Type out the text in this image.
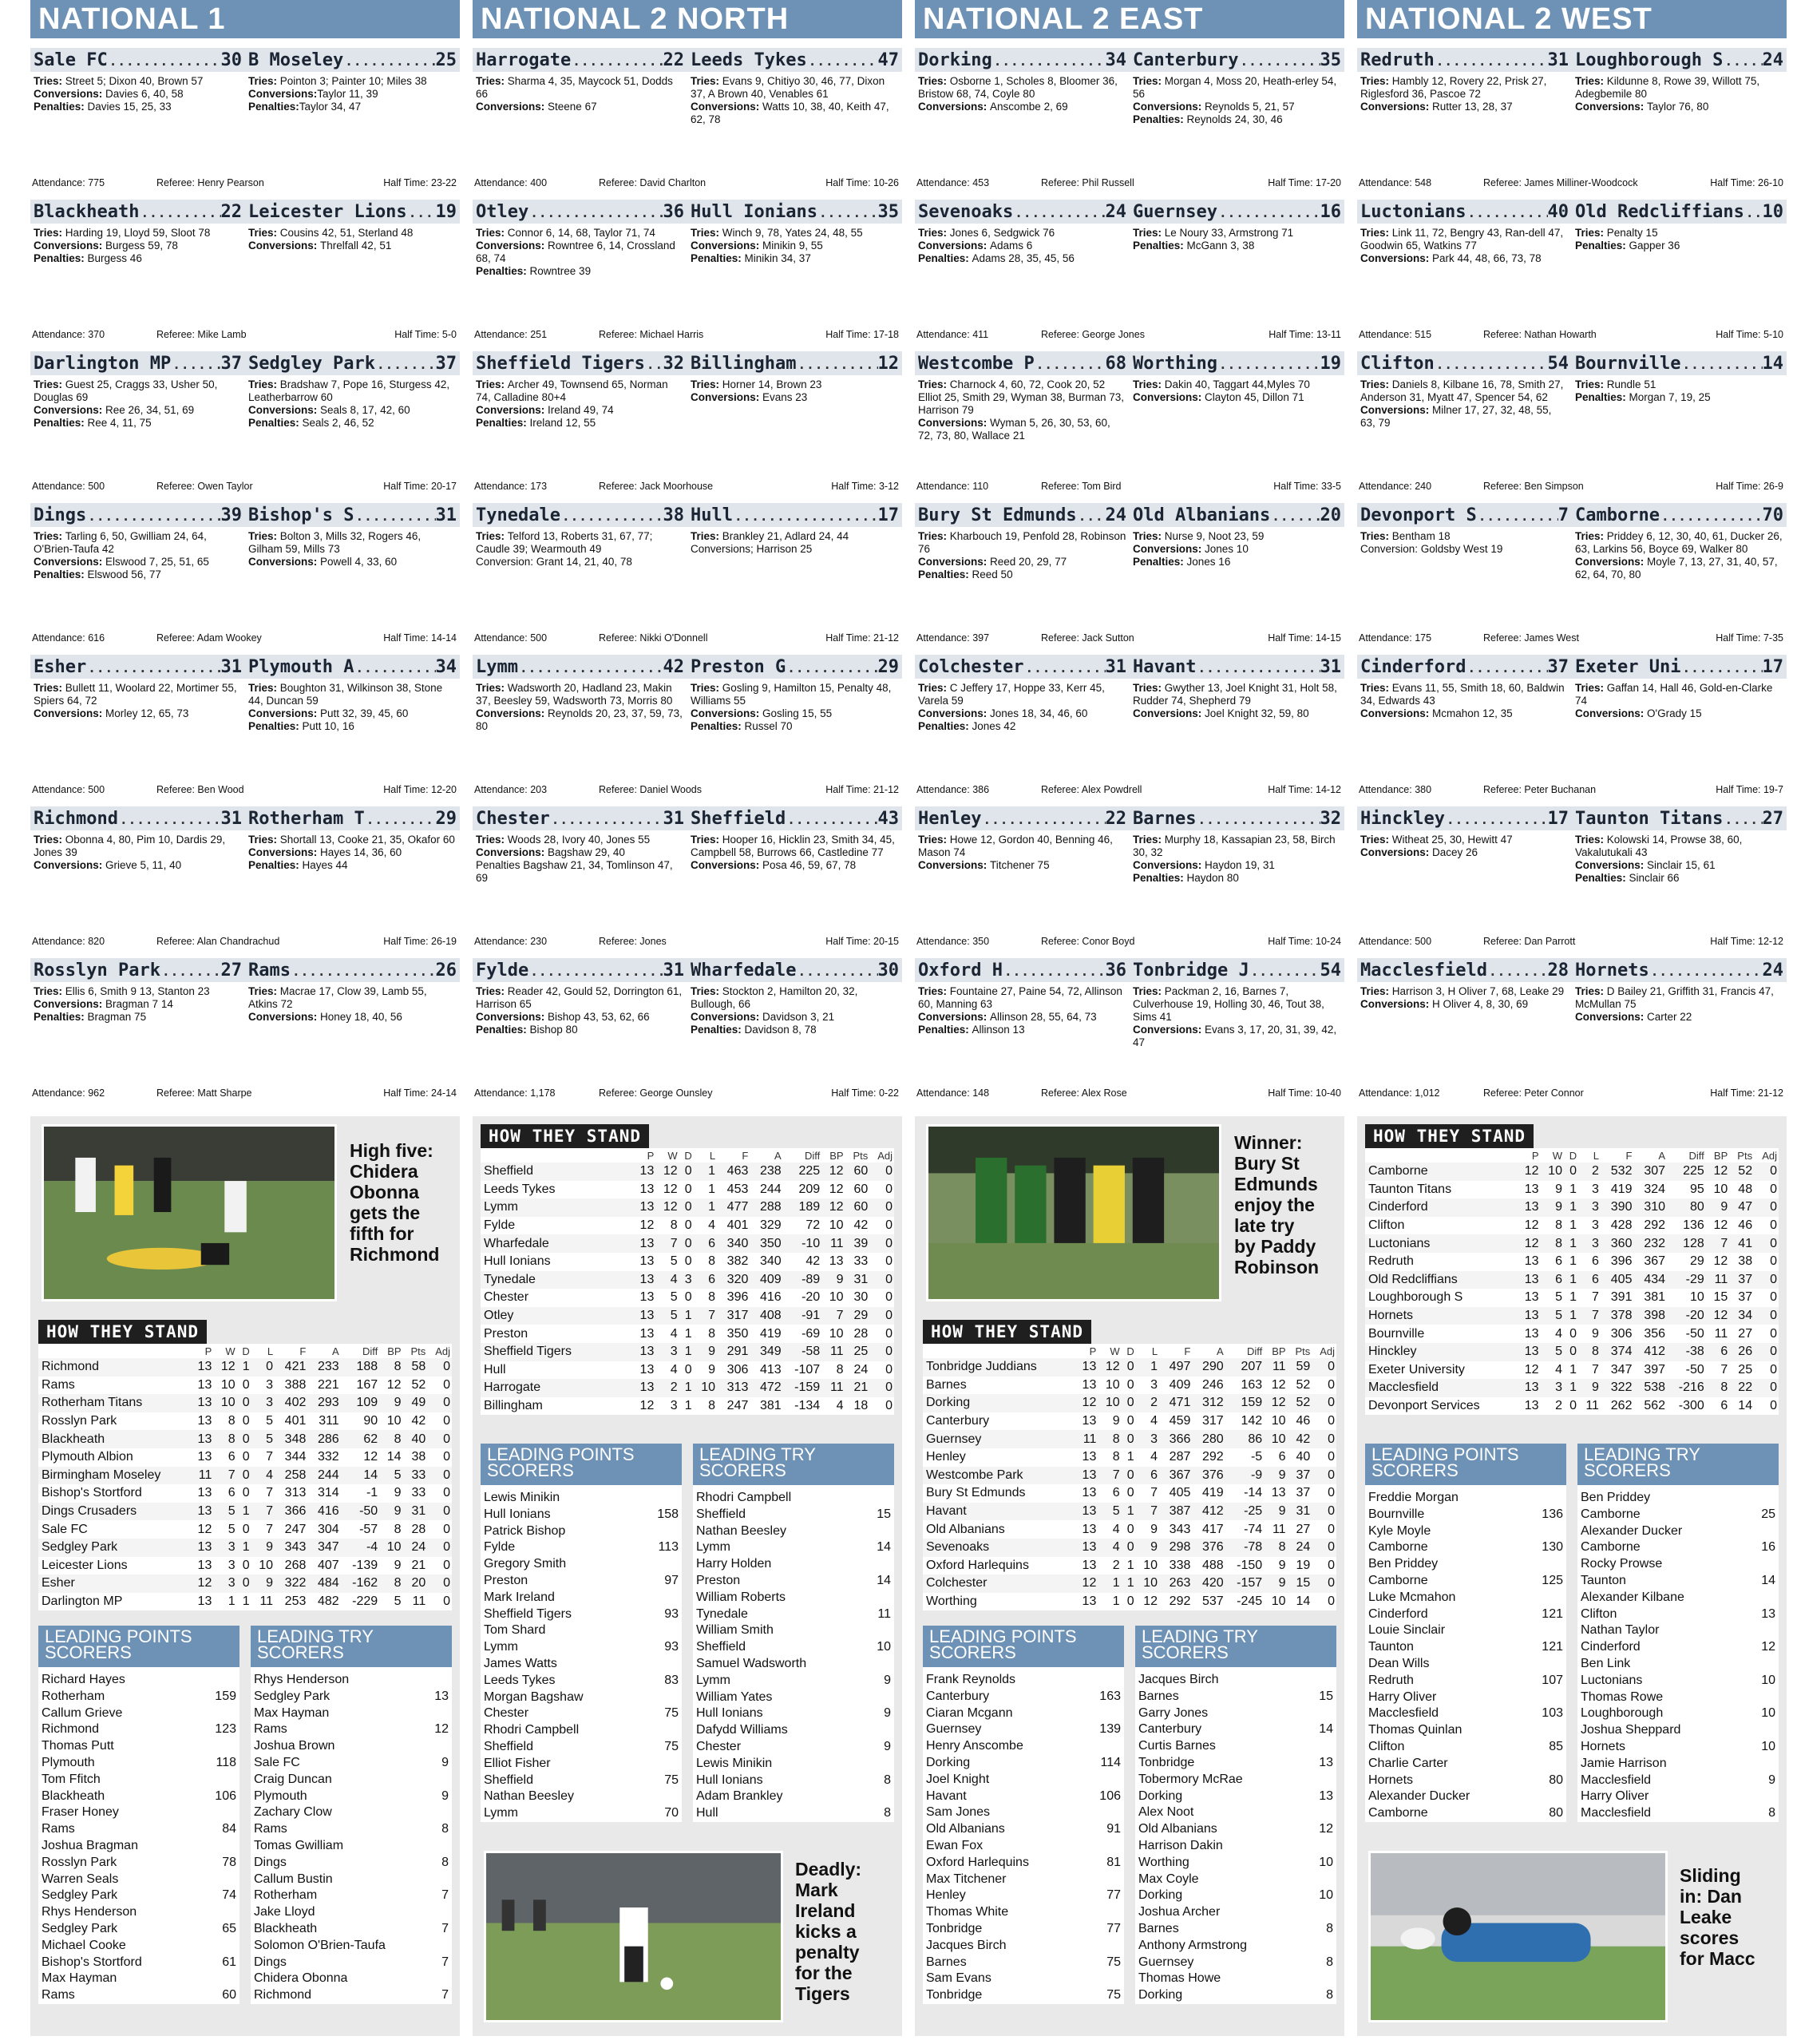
NATIONAL 1
Sale FC .....	30 B Moseley .....	25
Tries: Street 5; Dixon 40, Brown 57
Conversions: Davies 6, 40, 58
Penalties: Davies 15, 25, 33
Tries: Pointon 3; Painter 10; Miles 38
Conversions:Taylor 11, 39
Penalties:Taylor 34, 47
Attendance: 775	Referee: Henry Pearson	Half Time: 23-22
Blackheath .....	22 Leicester Lions ..... 19
Tries: Harding 19, Lloyd 59, Sloot 78
Conversions: Burgess 59, 78
Penalties: Burgess 46
Tries: Cousins 42, 51, Sterland 48
Conversions: Threlfall 42, 51
Attendance: 370	Referee: Mike Lamb	Half Time: 5-0
Darlington MP .....	37 Sedgley Park .....	37
Tries: Guest 25, Craggs 33, Usher 50, Douglas 69
Conversions: Ree 26, 34, 51, 69
Penalties: Ree 4, 11, 75
Tries: Bradshaw 7, Pope 16, Sturgess 42, Leatherbarrow 60
Conversions: Seals 8, 17, 42, 60
Penalties: Seals 2, 46, 52
Attendance: 500	Referee: Owen Taylor	Half Time: 20-17
Dings .....	39 Bishop's S .....	31
Tries: Tarling 6, 50, Gwilliam 24, 64, O'Brien-Taufa 42
Conversions: Elswood 7, 25, 51, 65
Penalties: Elswood 56, 77
Tries: Bolton 3, Mills 32, Rogers 46, Gilham 59, Mills 73
Conversions: Powell 4, 33, 60
Attendance: 616	Referee: Adam Wookey	Half Time: 14-14
Esher .....	31 Plymouth A .....	34
Tries: Bullett 11, Woolard 22, Mortimer 55, Spiers 64, 72
Conversions: Morley 12, 65, 73
Tries: Boughton 31, Wilkinson 38, Stone 44, Duncan 59
Conversions: Putt 32, 39, 45, 60
Penalties: Putt 10, 16
Attendance: 500	Referee: Ben Wood	Half Time: 12-20
Richmond .....	31 Rotherham T .....	29
Tries: Obonna 4, 80, Pim 10, Dardis 29, Jones 39
Conversions: Grieve 5, 11, 40
Tries: Shortall 13, Cooke 21, 35, Okafor 60
Conversions: Hayes 14, 36, 60
Penalties: Hayes 44
Attendance: 820	Referee: Alan Chandrachud	Half Time: 26-19
Rosslyn Park .....	27 Rams .....	26
Tries: Ellis 6, Smith 9 13, Stanton 23
Conversions: Bragman 7 14
Penalties: Bragman 75
Tries: Macrae 17, Clow 39, Lamb 55, Atkins 72
Conversions: Honey 18, 40, 56
Attendance: 962	Referee: Matt Sharpe	Half Time: 24-14
High five:
Chidera
Obonna
gets the
fifth for
Richmond
HOW THEY STAND
	P	W	D	L	F	A	Diff	BP	Pts	Adj
Richmond	13	12	1	0	421	233	188	8	58	0
Rams	13	10	0	3	388	221	167	12	52	0
Rotherham Titans	13	10	0	3	402	293	109	9	49	0
Rosslyn Park	13	8	0	5	401	311	90	10	42	0
Blackheath	13	8	0	5	348	286	62	8	40	0
Plymouth Albion	13	6	0	7	344	332	12	14	38	0
Birmingham Moseley	11	7	0	4	258	244	14	5	33	0
Bishop's Stortford	13	6	0	7	313	314	-1	9	33	0
Dings Crusaders	13	5	1	7	366	416	-50	9	31	0
Sale FC	12	5	0	7	247	304	-57	8	28	0
Sedgley Park	13	3	1	9	343	347	-4	10	24	0
Leicester Lions	13	3	0	10	268	407	-139	9	21	0
Esher	12	3	0	9	322	484	-162	8	20	0
Darlington MP	13	1	1	11	253	482	-229	5	11	0
LEADING POINTS SCORERS
Richard Hayes
Rotherham	159
Callum Grieve
Richmond	123
Thomas Putt
Plymouth	118
Tom Ffitch
Blackheath	106
Fraser Honey
Rams	84
Joshua Bragman
Rosslyn Park	78
Warren Seals
Sedgley Park	74
Rhys Henderson
Sedgley Park	65
Michael Cooke
Bishop's Stortford	61
Max Hayman
Rams	60
LEADING TRY SCORERS
Rhys Henderson
Sedgley Park	13
Max Hayman
Rams	12
Joshua Brown
Sale FC	9
Craig Duncan
Plymouth	9
Zachary Clow
Rams	8
Tomas Gwilliam
Dings	8
Callum Bustin
Rotherham	7
Jake Lloyd
Blackheath	7
Solomon O'Brien-Taufa
Dings	7
Chidera Obonna
Richmond	7
NATIONAL 2 NORTH
Harrogate .....	22 Leeds Tykes .....	47
Tries: Sharma 4, 35, Maycock 51, Dodds 66
Conversions: Steene 67
Tries: Evans 9, Chitiyo 30, 46, 77, Dixon 37, A Brown 40, Venables 61
Conversions: Watts 10, 38, 40, Keith 47, 62, 78
Attendance: 400	Referee: David Charlton	Half Time: 10-26
Otley .....	36 Hull Ionians .....	35
Tries: Connor 6, 14, 68, Taylor 71, 74
Conversions: Rowntree 6, 14, Crossland 68, 74
Penalties: Rowntree 39
Tries: Winch 9, 78, Yates 24, 48, 55
Conversions: Minikin 9, 55
Penalties: Minikin 34, 37
Attendance: 251	Referee: Michael Harris	Half Time: 17-18
Sheffield Tigers ..... 32 Billingham .....	12
Tries: Archer 49, Townsend 65, Norman 74, Calladine 80+4
Conversions: Ireland 49, 74
Penalties: Ireland 12, 55
Tries: Horner 14, Brown 23
Conversions: Evans 23
Attendance: 173	Referee: Jack Moorhouse	Half Time: 3-12
Tynedale .....	38 Hull .....	17
Tries: Telford 13, Roberts 31, 67, 77; Caudle 39; Wearmouth 49
Conversion: Grant 14, 21, 40, 78
Tries: Brankley 21, Adlard 24, 44
Conversions; Harrison 25
Attendance: 500	Referee: Nikki O'Donnell	Half Time: 21-12
Lymm .....	42 Preston G .....	29
Tries: Wadsworth 20, Hadland 23, Makin 37, Beesley 59, Wadsworth 73, Morris 80
Conversions: Reynolds 20, 23, 37, 59, 73, 80
Tries: Gosling 9, Hamilton 15, Penalty 48, Williams 55
Conversions: Gosling 15, 55
Penalties: Russel 70
Attendance: 203	Referee: Daniel Woods	Half Time: 21-12
Chester .....	31 Sheffield .....	43
Tries: Woods 28, Ivory 40, Jones 55
Conversions: Bagshaw 29, 40
Penalties Bagshaw 21, 34, Tomlinson 47, 69
Tries: Hooper 16, Hicklin 23, Smith 34, 45, Campbell 58, Burrows 66, Castledine 77
Conversions: Posa 46, 59, 67, 78
Attendance: 230	Referee: Jones	Half Time: 20-15
Fylde .....	31 Wharfedale .....	30
Tries: Reader 42, Gould 52, Dorrington 61, Harrison 65
Conversions: Bishop 43, 53, 62, 66
Penalties: Bishop 80
Tries: Stockton 2, Hamilton 20, 32, Bullough, 66
Conversions: Davidson 3, 21
Penalties: Davidson 8, 78
Attendance: 1,178	Referee: George Ounsley	Half Time: 0-22
HOW THEY STAND
	P	W	D	L	F	A	Diff	BP	Pts	Adj
Sheffield	13	12	0	1	463	238	225	12	60	0
Leeds Tykes	13	12	0	1	453	244	209	12	60	0
Lymm	13	12	0	1	477	288	189	12	60	0
Fylde	12	8	0	4	401	329	72	10	42	0
Wharfedale	13	7	0	6	340	350	-10	11	39	0
Hull Ionians	13	5	0	8	382	340	42	13	33	0
Tynedale	13	4	3	6	320	409	-89	9	31	0
Chester	13	5	0	8	396	416	-20	10	30	0
Otley	13	5	1	7	317	408	-91	7	29	0
Preston	13	4	1	8	350	419	-69	10	28	0
Sheffield Tigers	13	3	1	9	291	349	-58	11	25	0
Hull	13	4	0	9	306	413	-107	8	24	0
Harrogate	13	2	1	10	313	472	-159	11	21	0
Billingham	12	3	1	8	247	381	-134	4	18	0
LEADING POINTS SCORERS
Lewis Minikin
Hull Ionians	158
Patrick Bishop
Fylde	113
Gregory Smith
Preston	97
Mark Ireland
Sheffield Tigers	93
Tom Shard
Lymm	93
James Watts
Leeds Tykes	83
Morgan Bagshaw
Chester	75
Rhodri Campbell
Sheffield	75
Elliot Fisher
Sheffield	75
Nathan Beesley
Lymm	70
LEADING TRY SCORERS
Rhodri Campbell
Sheffield	15
Nathan Beesley
Lymm	14
Harry Holden
Preston	14
William Roberts
Tynedale	11
William Smith
Sheffield	10
Samuel Wadsworth
Lymm	9
William Yates
Hull Ionians	9
Dafydd Williams
Chester	9
Lewis Minikin
Hull Ionians	8
Adam Brankley
Hull	8
Deadly:
Mark
Ireland
kicks a
penalty
for the
Tigers
NATIONAL 2 EAST
Dorking .....	34 Canterbury .....	35
Tries: Osborne 1, Scholes 8, Bloomer 36, Bristow 68, 74, Coyle 80
Conversions: Anscombe 2, 69
Tries: Morgan 4, Moss 20, Heath-erley 54, 56
Conversions: Reynolds 5, 21, 57
Penalties: Reynolds 24, 30, 46
Attendance: 453	Referee: Phil Russell	Half Time: 17-20
Sevenoaks .....	24 Guernsey .....	16
Tries: Jones 6, Sedgwick 76
Conversions: Adams 6
Penalties: Adams 28, 35, 45, 56
Tries: Le Noury 33, Armstrong 71
Penalties: McGann 3, 38
Attendance: 411	Referee: George Jones	Half Time: 13-11
Westcombe P .....	68 Worthing .....	19
Tries: Charnock 4, 60, 72, Cook 20, 52 Elliot 25, Smith 29, Wyman 38, Burman 73, Harrison 79
Conversions: Wyman 5, 26, 30, 53, 60, 72, 73, 80, Wallace 21
Tries: Dakin 40, Taggart 44,Myles 70
Conversions: Clayton 45, Dillon 71
Attendance: 110	Referee: Tom Bird	Half Time: 33-5
Bury St Edmunds ..... 24 Old Albanians .....	20
Tries: Kharbouch 19, Penfold 28, Robinson 76
Conversions: Reed 20, 29, 77
Penalties: Reed 50
Tries: Nurse 9, Noot 23, 59
Conversions: Jones 10
Penalties: Jones 16
Attendance: 397	Referee: Jack Sutton	Half Time: 14-15
Colchester .....	31 Havant .....	31
Tries: C Jeffery 17, Hoppe 33, Kerr 45, Varela 59
Conversions: Jones 18, 34, 46, 60
Penalties: Jones 42
Tries: Gwyther 13, Joel Knight 31, Holt 58, Rudder 74, Shepherd 79
Conversions: Joel Knight 32, 59, 80
Attendance: 386	Referee: Alex Powdrell	Half Time: 14-12
Henley .....	22 Barnes .....	32
Tries: Howe 12, Gordon 40, Benning 46, Mason 74
Conversions: Titchener 75
Tries: Murphy 18, Kassapian 23, 58, Birch 30, 32
Conversions: Haydon 19, 31
Penalties: Haydon 80
Attendance: 350	Referee: Conor Boyd	Half Time: 10-24
Oxford H .....	36 Tonbridge J .....	54
Tries: Fountaine 27, Paine 54, 72, Allinson 60, Manning 63
Conversions: Allinson 28, 55, 64, 73
Penalties: Allinson 13
Tries: Packman 2, 16, Barnes 7, Culverhouse 19, Holling 30, 46, Tout 38, Sims 41
Conversions: Evans 3, 17, 20, 31, 39, 42, 47
Attendance: 148	Referee: Alex Rose	Half Time: 10-40
Winner:
Bury St
Edmunds
enjoy the
late try
by Paddy
Robinson
HOW THEY STAND
	P	W	D	L	F	A	Diff	BP	Pts	Adj
Tonbridge Juddians	13	12	0	1	497	290	207	11	59	0
Barnes	13	10	0	3	409	246	163	12	52	0
Dorking	12	10	0	2	471	312	159	12	52	0
Canterbury	13	9	0	4	459	317	142	10	46	0
Guernsey	11	8	0	3	366	280	86	10	42	0
Henley	13	8	1	4	287	292	-5	6	40	0
Westcombe Park	13	7	0	6	367	376	-9	9	37	0
Bury St Edmunds	13	6	0	7	405	419	-14	13	37	0
Havant	13	5	1	7	387	412	-25	9	31	0
Old Albanians	13	4	0	9	343	417	-74	11	27	0
Sevenoaks	13	4	0	9	298	376	-78	8	24	0
Oxford Harlequins	13	2	1	10	338	488	-150	9	19	0
Colchester	12	1	1	10	263	420	-157	9	15	0
Worthing	13	1	0	12	292	537	-245	10	14	0
LEADING POINTS SCORERS
Frank Reynolds
Canterbury	163
Ciaran Mcgann
Guernsey	139
Henry Anscombe
Dorking	114
Joel Knight
Havant	106
Sam Jones
Old Albanians	91
Ewan Fox
Oxford Harlequins	81
Max Titchener
Henley	77
Thomas White
Tonbridge	77
Jacques Birch
Barnes	75
Sam Evans
Tonbridge	75
LEADING TRY SCORERS
Jacques Birch
Barnes	15
Garry Jones
Canterbury	14
Curtis Barnes
Tonbridge	13
Tobermory McRae
Dorking	13
Alex Noot
Old Albanians	12
Harrison Dakin
Worthing	10
Max Coyle
Dorking	10
Joshua Archer
Barnes	8
Anthony Armstrong
Guernsey	8
Thomas Howe
Dorking	8
NATIONAL 2 WEST
Redruth .....	31 Loughborough S ..... 24
Tries: Hambly 12, Rovery 22, Prisk 27, Riglesford 36, Pascoe 72
Conversions: Rutter 13, 28, 37
Tries: Kildunne 8, Rowe 39, Willott 75, Adegbemile 80
Conversions: Taylor 76, 80
Attendance: 548	Referee: James Milliner-Woodcock	Half Time: 26-10
Luctonians .....	40 Old Redcliffians ..... 10
Tries: Link 11, 72, Bengry 43, Ran-dell 47, Goodwin 65, Watkins 77
Conversions: Park 44, 48, 66, 73, 78
Tries: Penalty 15
Penalties: Gapper 36
Attendance: 515	Referee: Nathan Howarth	Half Time: 5-10
Clifton .....	54 Bournville .....	14
Tries: Daniels 8, Kilbane 16, 78, Smith 27, Anderson 31, Myatt 47, Spencer 54, 62
Conversions: Milner 17, 27, 32, 48, 55, 63, 79
Tries: Rundle 51
Penalties: Morgan 7, 19, 25
Attendance: 240	Referee: Ben Simpson	Half Time: 26-9
Devonport S .....	7 Camborne .....	70
Tries: Bentham 18
Conversion: Goldsby West 19
Tries: Priddey 6, 12, 30, 40, 61, Ducker 26, 63, Larkins 56, Boyce 69, Walker 80
Conversions: Moyle 7, 13, 27, 31, 40, 57, 62, 64, 70, 80
Attendance: 175	Referee: James West	Half Time: 7-35
Cinderford .....	37 Exeter Uni .....	17
Tries: Evans 11, 55, Smith 18, 60, Baldwin 34, Edwards 43
Conversions: Mcmahon 12, 35
Tries: Gaffan 14, Hall 46, Gold-en-Clarke 74
Conversions: O'Grady 15
Attendance: 380	Referee: Peter Buchanan	Half Time: 19-7
Hinckley .....	17 Taunton Titans ..... 27
Tries: Witheat 25, 30, Hewitt 47
Conversions: Dacey 26
Tries: Kolowski 14, Prowse 38, 60, Vakalutukali 43
Conversions: Sinclair 15, 61
Penalties: Sinclair 66
Attendance: 500	Referee: Dan Parrott	Half Time: 12-12
Macclesfield .....	28 Hornets .....	24
Tries: Harrison 3, H Oliver 7, 68, Leake 29
Conversions: H Oliver 4, 8, 30, 69
Tries: D Bailey 21, Griffith 31, Francis 47, McMullan 75
Conversions: Carter 22
Attendance: 1,012	Referee: Peter Connor	Half Time: 21-12
HOW THEY STAND
	P	W	D	L	F	A	Diff	BP	Pts	Adj
Camborne	12	10	0	2	532	307	225	12	52	0
Taunton Titans	13	9	1	3	419	324	95	10	48	0
Cinderford	13	9	1	3	390	310	80	9	47	0
Clifton	12	8	1	3	428	292	136	12	46	0
Luctonians	12	8	1	3	360	232	128	7	41	0
Redruth	13	6	1	6	396	367	29	12	38	0
Old Redcliffians	13	6	1	6	405	434	-29	11	37	0
Loughborough S	13	5	1	7	391	381	10	15	37	0
Hornets	13	5	1	7	378	398	-20	12	34	0
Bournville	13	4	0	9	306	356	-50	11	27	0
Hinckley	13	5	0	8	374	412	-38	6	26	0
Exeter University	12	4	1	7	347	397	-50	7	25	0
Macclesfield	13	3	1	9	322	538	-216	8	22	0
Devonport Services	13	2	0	11	262	562	-300	6	14	0
LEADING POINTS SCORERS
Freddie Morgan
Bournville	136
Kyle Moyle
Camborne	130
Ben Priddey
Camborne	125
Luke Mcmahon
Cinderford	121
Louie Sinclair
Taunton	121
Dean Wills
Redruth	107
Harry Oliver
Macclesfield	103
Thomas Quinlan
Clifton	85
Charlie Carter
Hornets	80
Alexander Ducker
Camborne	80
LEADING TRY SCORERS
Ben Priddey
Camborne	25
Alexander Ducker
Camborne	16
Rocky Prowse
Taunton	14
Alexander Kilbane
Clifton	13
Nathan Taylor
Cinderford	12
Ben Link
Luctonians	10
Thomas Rowe
Loughborough	10
Joshua Sheppard
Hornets	10
Jamie Harrison
Macclesfield	9
Harry Oliver
Macclesfield	8
Sliding
in: Dan
Leake
scores
for Macc
